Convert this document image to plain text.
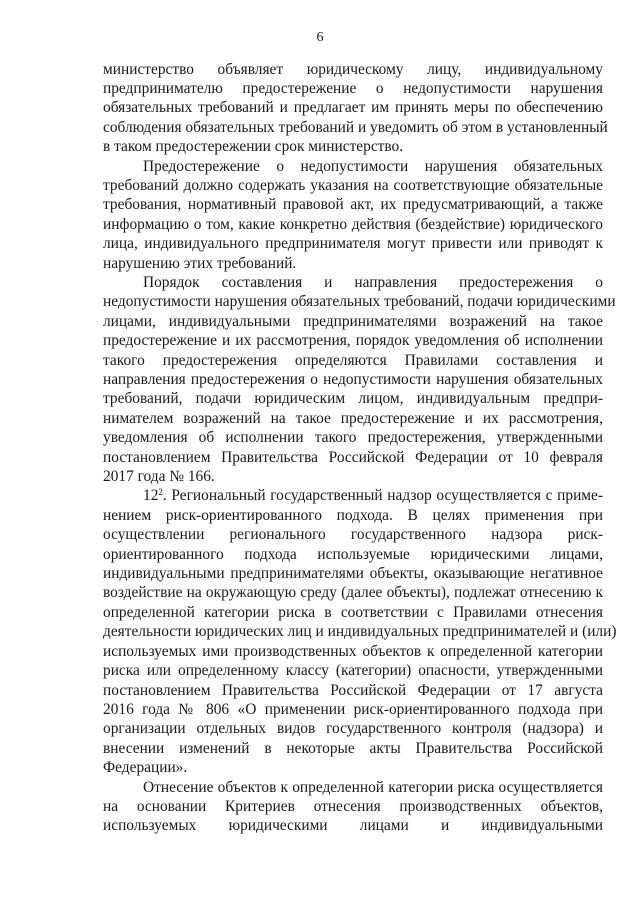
6
министерство объявляет юридическому лицу, индивидуальному
предпринимателю предостережение о недопустимости нарушения
обязательных требований и предлагает им принять меры по обеспечению
соблюдения обязательных требований и уведомить об этом в установленный
в таком предостережении срок министерство.
Предостережение о недопустимости нарушения обязательных
требований должно содержать указания на соответствующие обязательные
требования, нормативный правовой акт, их предусматривающий, а также
информацию о том, какие конкретно действия (бездействие) юридического
лица, индивидуального предпринимателя могут привести или приводят к
нарушению этих требований.
Порядок составления и направления предостережения о
недопустимости нарушения обязательных требований, подачи юридическими
лицами, индивидуальными предпринимателями возражений на такое
предостережение и их рассмотрения, порядок уведомления об исполнении
такого предостережения определяются Правилами составления и
направления предостережения о недопустимости нарушения обязательных
требований, подачи юридическим лицом, индивидуальным предпри-
нимателем возражений на такое предостережение и их рассмотрения,
уведомления об исполнении такого предостережения, утвержденными
постановлением Правительства Российской Федерации от 10 февраля
2017 года № 166.
$12^2$. Региональный государственный надзор осуществляется с приме-
нением риск-ориентированного подхода. В целях применения при
осуществлении регионального государственного надзора риск-
ориентированного подхода используемые юридическими лицами,
индивидуальными предпринимателями объекты, оказывающие негативное
воздействие на окружающую среду (далее объекты), подлежат отнесению к
определенной категории риска в соответствии с Правилами отнесения
деятельности юридических лиц и индивидуальных предпринимателей и (или)
используемых ими производственных объектов к определенной категории
риска или определенному классу (категории) опасности, утвержденными
постановлением Правительства Российской Федерации от 17 августа
2016 года № 806 «О применении риск-ориентированного подхода при
организации отдельных видов государственного контроля (надзора) и
внесении изменений в некоторые акты Правительства Российской
Федерации».
Отнесение объектов к определенной категории риска осуществляется
на основании Критериев отнесения производственных объектов,
используемых юридическими лицами и индивидуальными
